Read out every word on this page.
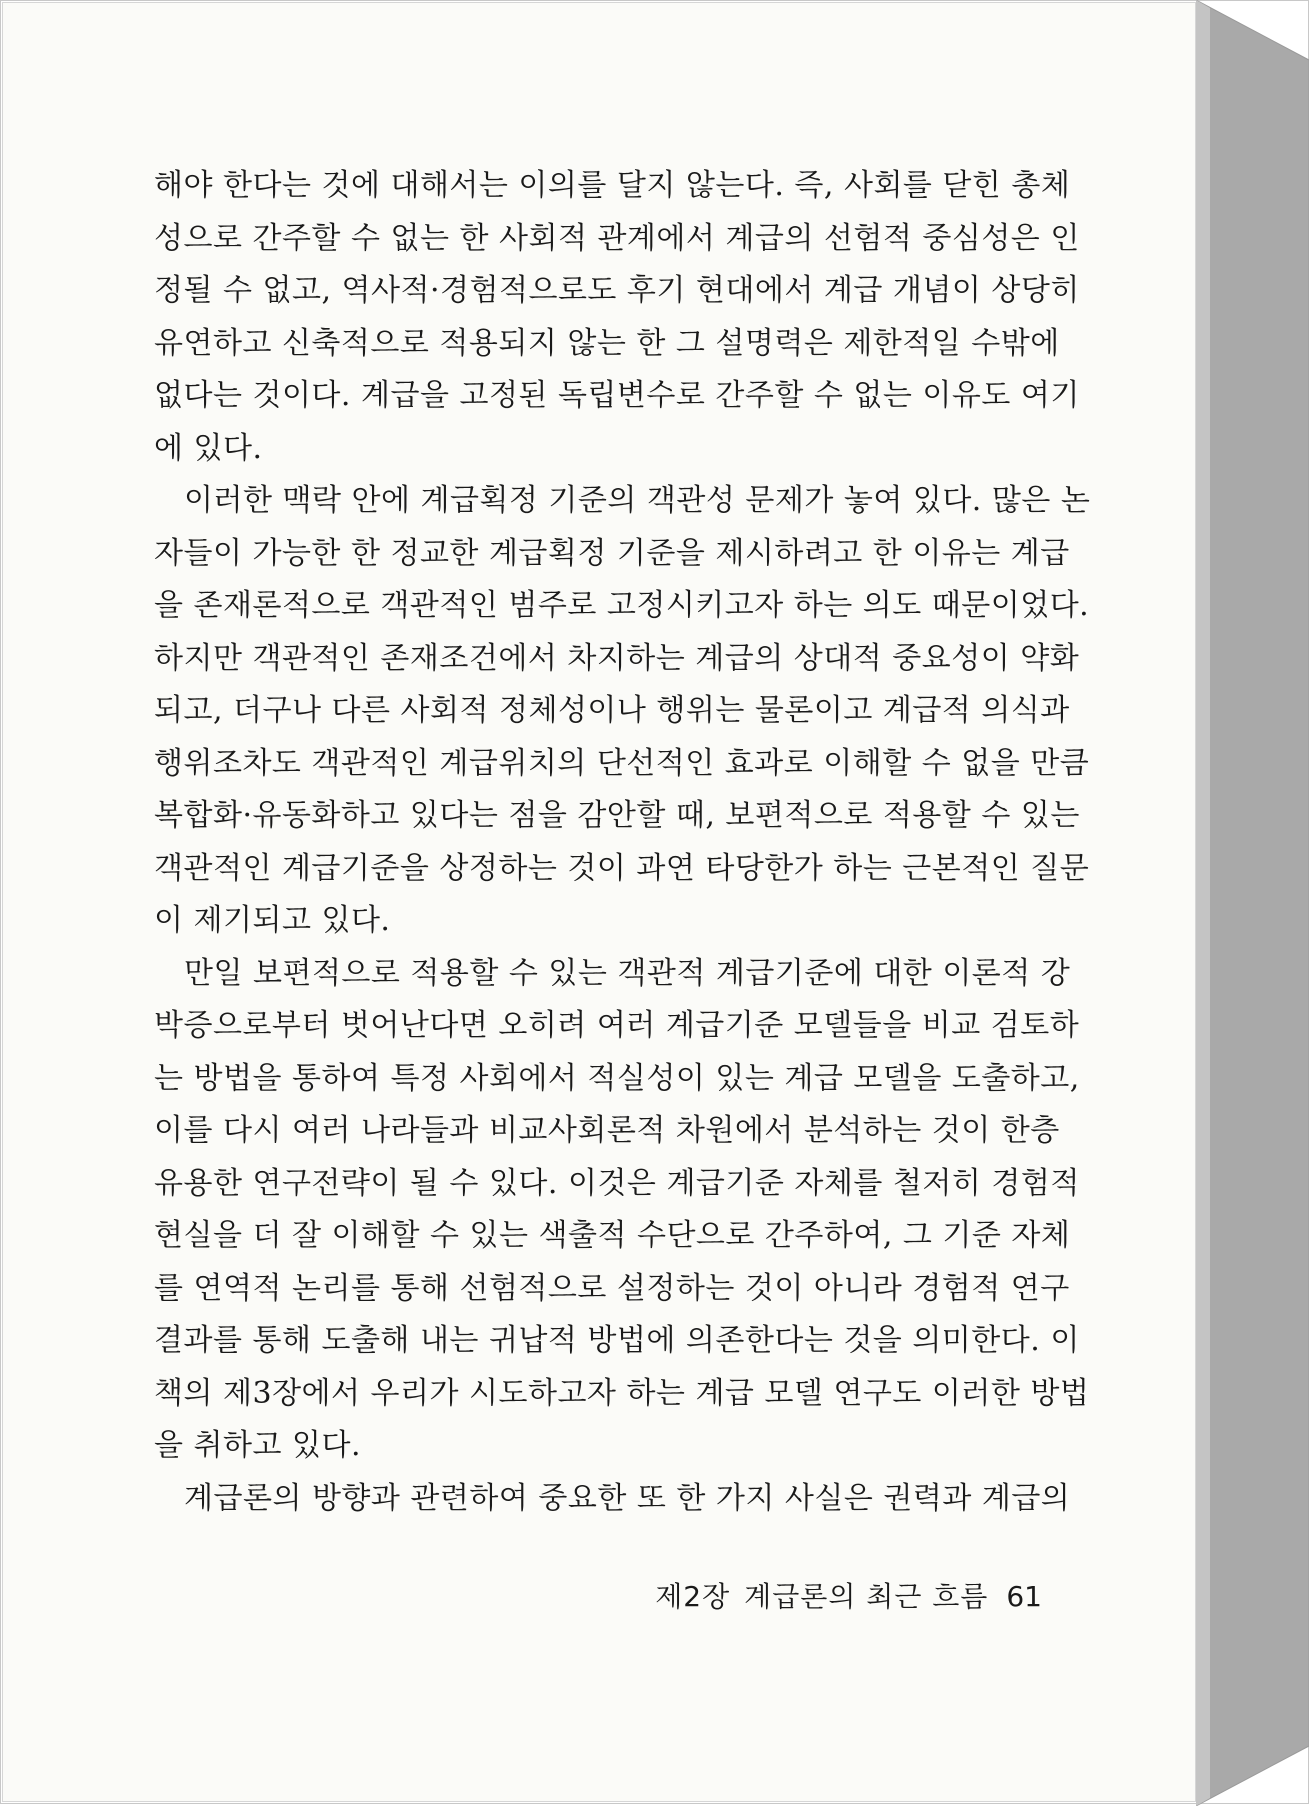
해야 한다는 것에 대해서는 이의를 달지 않는다. 즉, 사회를 닫힌 총체
성으로 간주할 수 없는 한 사회적 관계에서 계급의 선험적 중심성은 인
정될 수 없고, 역사적·경험적으로도 후기 현대에서 계급 개념이 상당히
유연하고 신축적으로 적용되지 않는 한 그 설명력은 제한적일 수밖에
없다는 것이다. 계급을 고정된 독립변수로 간주할 수 없는 이유도 여기
에 있다.
이러한 맥락 안에 계급획정 기준의 객관성 문제가 놓여 있다. 많은 논
자들이 가능한 한 정교한 계급획정 기준을 제시하려고 한 이유는 계급
을 존재론적으로 객관적인 범주로 고정시키고자 하는 의도 때문이었다.
하지만 객관적인 존재조건에서 차지하는 계급의 상대적 중요성이 약화
되고, 더구나 다른 사회적 정체성이나 행위는 물론이고 계급적 의식과
행위조차도 객관적인 계급위치의 단선적인 효과로 이해할 수 없을 만큼
복합화·유동화하고 있다는 점을 감안할 때, 보편적으로 적용할 수 있는
객관적인 계급기준을 상정하는 것이 과연 타당한가 하는 근본적인 질문
이 제기되고 있다.
만일 보편적으로 적용할 수 있는 객관적 계급기준에 대한 이론적 강
박증으로부터 벗어난다면 오히려 여러 계급기준 모델들을 비교 검토하
는 방법을 통하여 특정 사회에서 적실성이 있는 계급 모델을 도출하고,
이를 다시 여러 나라들과 비교사회론적 차원에서 분석하는 것이 한층
유용한 연구전략이 될 수 있다. 이것은 계급기준 자체를 철저히 경험적
현실을 더 잘 이해할 수 있는 색출적 수단으로 간주하여, 그 기준 자체
를 연역적 논리를 통해 선험적으로 설정하는 것이 아니라 경험적 연구
결과를 통해 도출해 내는 귀납적 방법에 의존한다는 것을 의미한다. 이
책의 제3장에서 우리가 시도하고자 하는 계급 모델 연구도 이러한 방법
을 취하고 있다.
계급론의 방향과 관련하여 중요한 또 한 가지 사실은 권력과 계급의
제2장 계급론의 최근 흐름 61
